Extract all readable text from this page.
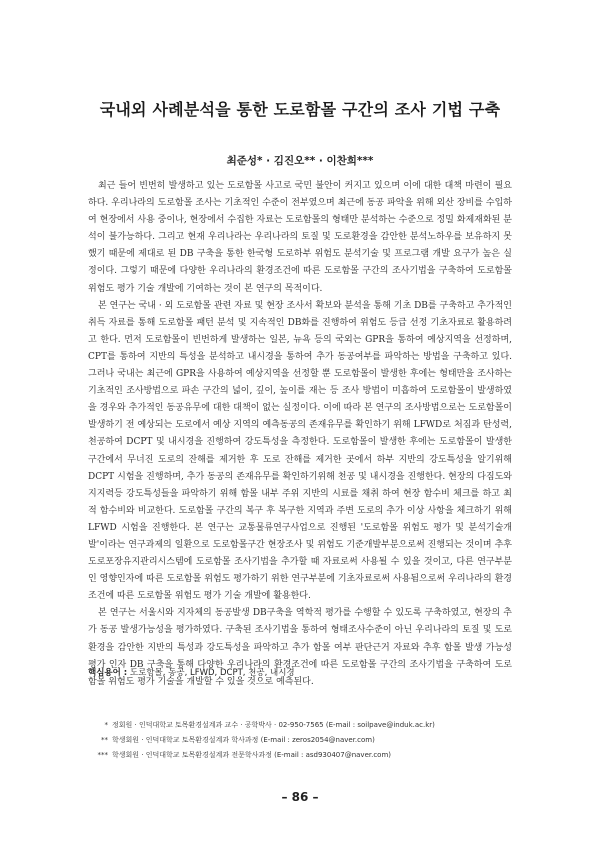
국내외 사례분석을 통한 도로함몰 구간의 조사 기법 구축
최준성* · 김진오** · 이찬희***

최근 들어 빈번히 발생하고 있는 도로함몰 사고로 국민 불안이 커지고 있으며 이에 대한 대책 마련이 필요하다. 우리나라의 도로함몰 조사는 기초적인 수준이 전부였으며 최근에 동공 파악을 위해 외산 장비를 수입하여 현장에서 사용 중이나, 현장에서 수집한 자료는 도로함몰의 형태만 분석하는 수준으로 정밀 화제재화된 분석이 불가능하다. 그리고 현재 우리나라는 우리나라의 토질 및 도로환경을 감안한 분석노하우를 보유하지 못했기 때문에 제대로 된 DB 구축을 통한 한국형 도로하부 위험도 분석기술 및 프로그램 개발 요구가 높은 실정이다. 그렇기 때문에 다양한 우리나라의 환경조건에 따른 도로함몰 구간의 조사기법을 구축하여 도로함몰 위험도 평가 기술 개발에 기여하는 것이 본 연구의 목적이다.

본 연구는 국내 · 외 도로함몰 관련 자료 및 현장 조사서 확보와 분석을 통해 기초 DB를 구축하고 추가적인 취득 자료를 통해 도로함몰 패턴 분석 및 지속적인 DB화를 진행하여 위험도 등급 선정 기초자료로 활용하려고 한다. 먼저 도로함몰이 빈번하게 발생하는 일본, 뉴욕 등의 국외는 GPR을 통하여 예상지역을 선정하며, CPT를 통하여 지반의 특성을 분석하고 내시경을 통하여 추가 동공여부를 파악하는 방법을 구축하고 있다. 그러나 국내는 최근에 GPR을 사용하여 예상지역을 선정할 뿐 도로함몰이 발생한 후에는 형태만을 조사하는 기초적인 조사방법으로 파손 구간의 넓이, 깊이, 높이를 재는 등 조사 방법이 미흡하여 도로함몰이 발생하였을 경우와 추가적인 동공유무에 대한 대책이 없는 실정이다. 이에 따라 본 연구의 조사방법으로는 도로함몰이 발생하기 전 예상되는 도로에서 예상 지역의 예측동공의 존재유무를 확인하기 위해 LFWD로 처짐과 탄성력, 천공하여 DCPT 및 내시경을 진행하여 강도특성을 측정한다. 도로함몰이 발생한 후에는 도로함몰이 발생한 구간에서 무너진 도로의 잔해를 제거한 후 도로 잔해를 제거한 곳에서 하부 지반의 강도특성을 알기위해 DCPT 시험을 진행하며, 추가 동공의 존재유무를 확인하기위해 천공 및 내시경을 진행한다. 현장의 다짐도와 지지력등 강도특성들을 파악하기 위해 함몰 내부 주위 지반의 시료를 채취 하여 현장 함수비 체크를 하고 최적 함수비와 비교한다. 도로함몰 구간의 복구 후 복구한 지역과 주변 도로의 추가 이상 사항을 체크하기 위해 LFWD 시험을 진행한다. 본 연구는 교통물류연구사업으로 진행된 '도로함몰 위험도 평가 및 분석기술개발'이라는 연구과제의 일환으로 도로함몰구간 현장조사 및 위험도 기준개발부분으로써 진행되는 것이며 추후 도로포장유지관리시스템에 도로함몰 조사기법을 추가할 때 자료로써 사용될 수 있을 것이고, 다른 연구부분인 영향인자에 따른 도로함몰 위험도 평가하기 위한 연구부분에 기초자료로써 사용됨으로써 우리나라의 환경조건에 따른 도로함몰 위험도 평가 기술 개발에 활용한다.

본 연구는 서울시와 지자체의 동공발생 DB구축을 역학적 평가를 수행할 수 있도록 구축하였고, 현장의 추가 동공 발생가능성을 평가하였다. 구축된 조사기법을 통하여 형태조사수준이 아닌 우리나라의 토질 및 도로환경을 감안한 지반의 특성과 강도특성을 파악하고 추가 함몰 여부 판단근거 자료와 추후 함몰 발생 가능성 평가 인자 DB 구축을 통해 다양한 우리나라의 환경조건에 따른 도로함몰 구간의 조사기법을 구축하여 도로함몰 위험도 평가 기술을 개발할 수 있을 것으로 예측된다.

핵심용어 : 도로함몰, 동공, LFWD, DCPT, 천공, 내시경
* 정회원 · 인덕대학교 토목환경설계과 교수 · 공학박사 · 02-950-7565 (E-mail : soilpave@induk.ac.kr)
** 학생회원 · 인덕대학교 토목환경설계과 학사과정 (E-mail : zeros2054@naver.com)
*** 학생회원 · 인덕대학교 토목환경설계과 전문학사과정 (E-mail : asd930407@naver.com)
– 86 –
